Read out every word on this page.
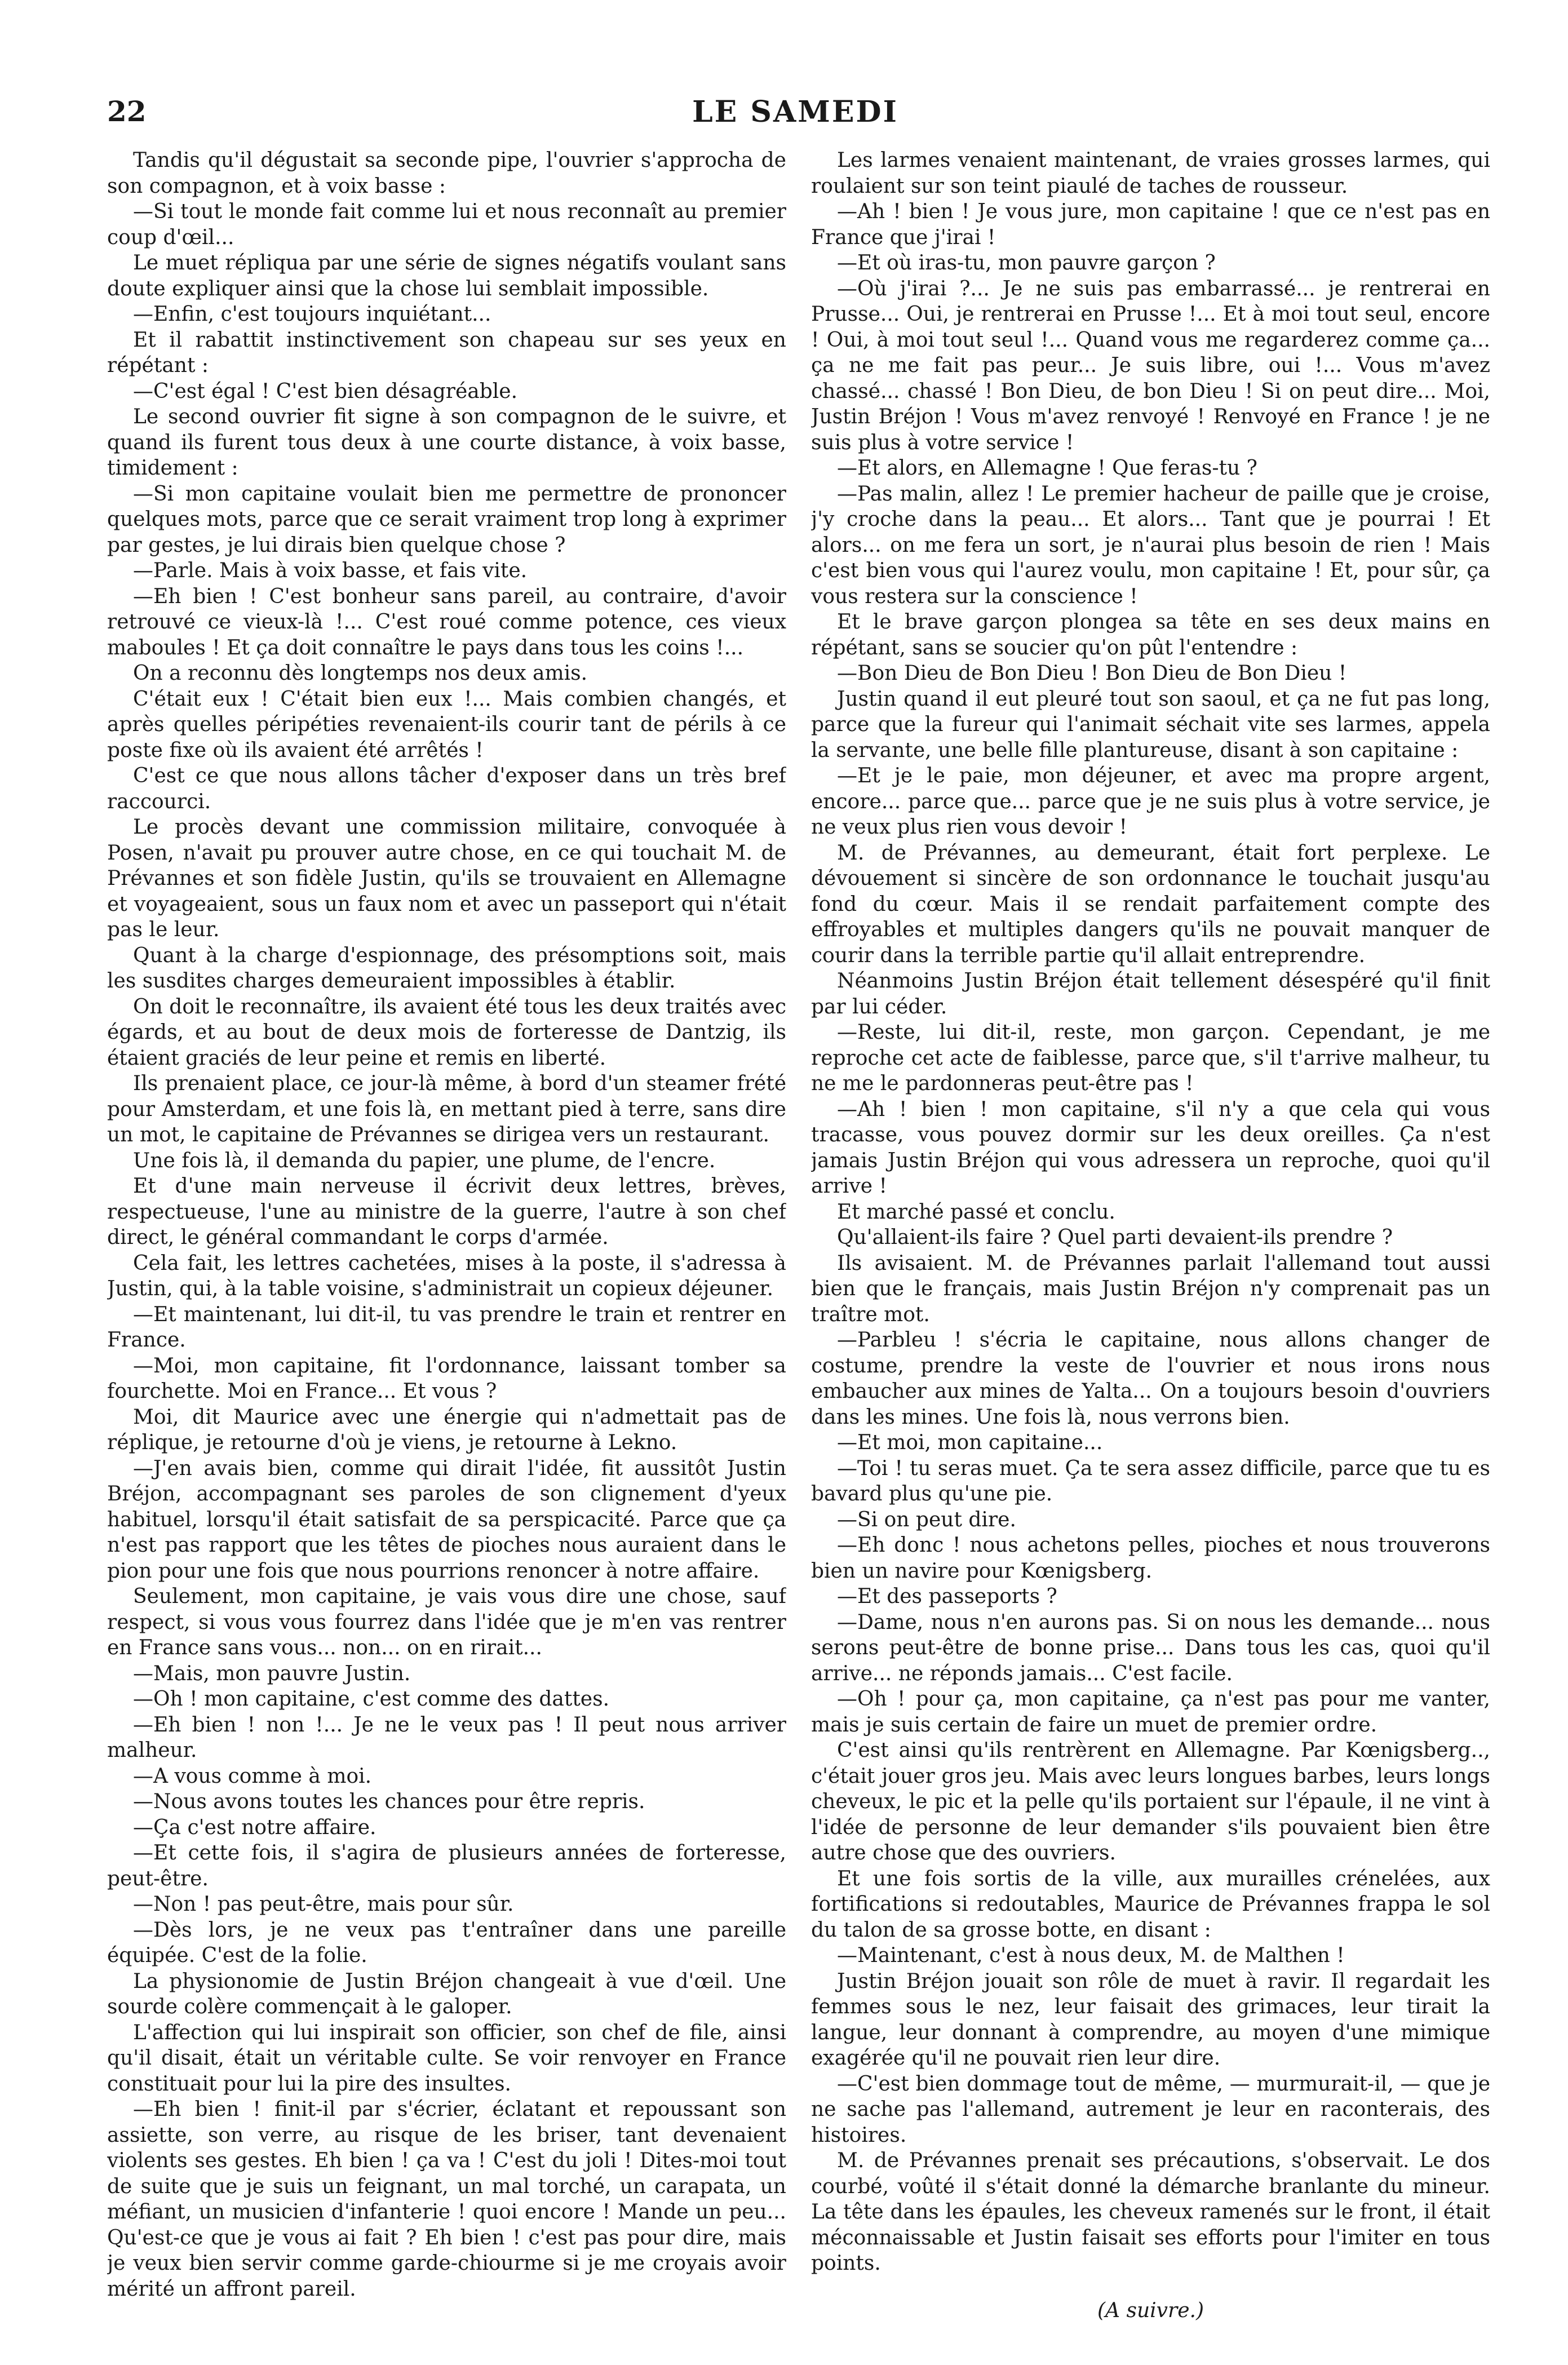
22	LE SAMEDI

Tandis qu'il dégustait sa seconde pipe, l'ouvrier s'approcha de son compagnon, et à voix basse :

—Si tout le monde fait comme lui et nous reconnaît au premier coup d'œil...

Le muet répliqua par une série de signes négatifs voulant sans doute expliquer ainsi que la chose lui semblait impossible.

—Enfin, c'est toujours inquiétant...

Et il rabattit instinctivement son chapeau sur ses yeux en répétant :

—C'est égal ! C'est bien désagréable.

Le second ouvrier fit signe à son compagnon de le suivre, et quand ils furent tous deux à une courte distance, à voix basse, timidement :

—Si mon capitaine voulait bien me permettre de prononcer quelques mots, parce que ce serait vraiment trop long à exprimer par gestes, je lui dirais bien quelque chose ?

—Parle. Mais à voix basse, et fais vite.

—Eh bien ! C'est bonheur sans pareil, au contraire, d'avoir retrouvé ce vieux-là !... C'est roué comme potence, ces vieux maboules ! Et ça doit connaître le pays dans tous les coins !...

On a reconnu dès longtemps nos deux amis.

C'était eux ! C'était bien eux !... Mais combien changés, et après quelles péripéties revenaient-ils courir tant de périls à ce poste fixe où ils avaient été arrêtés !

C'est ce que nous allons tâcher d'exposer dans un très bref raccourci.

Le procès devant une commission militaire, convoquée à Posen, n'avait pu prouver autre chose, en ce qui touchait M. de Prévannes et son fidèle Justin, qu'ils se trouvaient en Allemagne et voyageaient, sous un faux nom et avec un passeport qui n'était pas le leur.

Quant à la charge d'espionnage, des présomptions soit, mais les susdites charges demeuraient impossibles à établir.

On doit le reconnaître, ils avaient été tous les deux traités avec égards, et au bout de deux mois de forteresse de Dantzig, ils étaient graciés de leur peine et remis en liberté.

Ils prenaient place, ce jour-là même, à bord d'un steamer frété pour Amsterdam, et une fois là, en mettant pied à terre, sans dire un mot, le capitaine de Prévannes se dirigea vers un restaurant.

Une fois là, il demanda du papier, une plume, de l'encre.

Et d'une main nerveuse il écrivit deux lettres, brèves, respectueuse, l'une au ministre de la guerre, l'autre à son chef direct, le général commandant le corps d'armée.

Cela fait, les lettres cachetées, mises à la poste, il s'adressa à Justin, qui, à la table voisine, s'administrait un copieux déjeuner.

—Et maintenant, lui dit-il, tu vas prendre le train et rentrer en France.

—Moi, mon capitaine, fit l'ordonnance, laissant tomber sa fourchette. Moi en France... Et vous ?

Moi, dit Maurice avec une énergie qui n'admettait pas de réplique, je retourne d'où je viens, je retourne à Lekno.

—J'en avais bien, comme qui dirait l'idée, fit aussitôt Justin Bréjon, accompagnant ses paroles de son clignement d'yeux habituel, lorsqu'il était satisfait de sa perspicacité. Parce que ça n'est pas rapport que les têtes de pioches nous auraient dans le pion pour une fois que nous pourrions renoncer à notre affaire.

Seulement, mon capitaine, je vais vous dire une chose, sauf respect, si vous vous fourrez dans l'idée que je m'en vas rentrer en France sans vous... non... on en rirait...

—Mais, mon pauvre Justin.

—Oh ! mon capitaine, c'est comme des dattes.

—Eh bien ! non !... Je ne le veux pas ! Il peut nous arriver malheur.

—A vous comme à moi.

—Nous avons toutes les chances pour être repris.

—Ça c'est notre affaire.

—Et cette fois, il s'agira de plusieurs années de forteresse, peut-être.

—Non ! pas peut-être, mais pour sûr.

—Dès lors, je ne veux pas t'entraîner dans une pareille équipée. C'est de la folie.

La physionomie de Justin Bréjon changeait à vue d'œil. Une sourde colère commençait à le galoper.

L'affection qui lui inspirait son officier, son chef de file, ainsi qu'il disait, était un véritable culte. Se voir renvoyer en France constituait pour lui la pire des insultes.

—Eh bien ! finit-il par s'écrier, éclatant et repoussant son assiette, son verre, au risque de les briser, tant devenaient violents ses gestes. Eh bien ! ça va ! C'est du joli ! Dites-moi tout de suite que je suis un feignant, un mal torché, un carapata, un méfiant, un musicien d'infanterie ! quoi encore ! Mande un peu... Qu'est-ce que je vous ai fait ? Eh bien ! c'est pas pour dire, mais je veux bien servir comme garde-chiourme si je me croyais avoir mérité un affront pareil.

Les larmes venaient maintenant, de vraies grosses larmes, qui roulaient sur son teint piaulé de taches de rousseur.

—Ah ! bien ! Je vous jure, mon capitaine ! que ce n'est pas en France que j'irai !

—Et où iras-tu, mon pauvre garçon ?

—Où j'irai ?... Je ne suis pas embarrassé... je rentrerai en Prusse... Oui, je rentrerai en Prusse !... Et à moi tout seul, encore ! Oui, à moi tout seul !... Quand vous me regarderez comme ça... ça ne me fait pas peur... Je suis libre, oui !... Vous m'avez chassé... chassé ! Bon Dieu, de bon Dieu ! Si on peut dire... Moi, Justin Bréjon ! Vous m'avez renvoyé ! Renvoyé en France ! je ne suis plus à votre service !

—Et alors, en Allemagne ! Que feras-tu ?

—Pas malin, allez ! Le premier hacheur de paille que je croise, j'y croche dans la peau... Et alors... Tant que je pourrai ! Et alors... on me fera un sort, je n'aurai plus besoin de rien ! Mais c'est bien vous qui l'aurez voulu, mon capitaine ! Et, pour sûr, ça vous restera sur la conscience !

Et le brave garçon plongea sa tête en ses deux mains en répétant, sans se soucier qu'on pût l'entendre :

—Bon Dieu de Bon Dieu ! Bon Dieu de Bon Dieu !

Justin quand il eut pleuré tout son saoul, et ça ne fut pas long, parce que la fureur qui l'animait séchait vite ses larmes, appela la servante, une belle fille plantureuse, disant à son capitaine :

—Et je le paie, mon déjeuner, et avec ma propre argent, encore... parce que... parce que je ne suis plus à votre service, je ne veux plus rien vous devoir !

M. de Prévannes, au demeurant, était fort perplexe. Le dévouement si sincère de son ordonnance le touchait jusqu'au fond du cœur. Mais il se rendait parfaitement compte des effroyables et multiples dangers qu'ils ne pouvait manquer de courir dans la terrible partie qu'il allait entreprendre.

Néanmoins Justin Bréjon était tellement désespéré qu'il finit par lui céder.

—Reste, lui dit-il, reste, mon garçon. Cependant, je me reproche cet acte de faiblesse, parce que, s'il t'arrive malheur, tu ne me le pardonneras peut-être pas !

—Ah ! bien ! mon capitaine, s'il n'y a que cela qui vous tracasse, vous pouvez dormir sur les deux oreilles. Ça n'est jamais Justin Bréjon qui vous adressera un reproche, quoi qu'il arrive !

Et marché passé et conclu.

Qu'allaient-ils faire ? Quel parti devaient-ils prendre ?

Ils avisaient. M. de Prévannes parlait l'allemand tout aussi bien que le français, mais Justin Bréjon n'y comprenait pas un traître mot.

—Parbleu ! s'écria le capitaine, nous allons changer de costume, prendre la veste de l'ouvrier et nous irons nous embaucher aux mines de Yalta... On a toujours besoin d'ouvriers dans les mines. Une fois là, nous verrons bien.

—Et moi, mon capitaine...

—Toi ! tu seras muet. Ça te sera assez difficile, parce que tu es bavard plus qu'une pie.

—Si on peut dire.

—Eh donc ! nous achetons pelles, pioches et nous trouverons bien un navire pour Kœnigsberg.

—Et des passeports ?

—Dame, nous n'en aurons pas. Si on nous les demande... nous serons peut-être de bonne prise... Dans tous les cas, quoi qu'il arrive... ne réponds jamais... C'est facile.

—Oh ! pour ça, mon capitaine, ça n'est pas pour me vanter, mais je suis certain de faire un muet de premier ordre.

C'est ainsi qu'ils rentrèrent en Allemagne. Par Kœnigsberg.., c'était jouer gros jeu. Mais avec leurs longues barbes, leurs longs cheveux, le pic et la pelle qu'ils portaient sur l'épaule, il ne vint à l'idée de personne de leur demander s'ils pouvaient bien être autre chose que des ouvriers.

Et une fois sortis de la ville, aux murailles crénelées, aux fortifications si redoutables, Maurice de Prévannes frappa le sol du talon de sa grosse botte, en disant :

—Maintenant, c'est à nous deux, M. de Malthen !

Justin Bréjon jouait son rôle de muet à ravir. Il regardait les femmes sous le nez, leur faisait des grimaces, leur tirait la langue, leur donnant à comprendre, au moyen d'une mimique exagérée qu'il ne pouvait rien leur dire.

—C'est bien dommage tout de même, — murmurait-il, — que je ne sache pas l'allemand, autrement je leur en raconterais, des histoires.

M. de Prévannes prenait ses précautions, s'observait. Le dos courbé, voûté il s'était donné la démarche branlante du mineur. La tête dans les épaules, les cheveux ramenés sur le front, il était méconnaissable et Justin faisait ses efforts pour l'imiter en tous points.

(A suivre.)
